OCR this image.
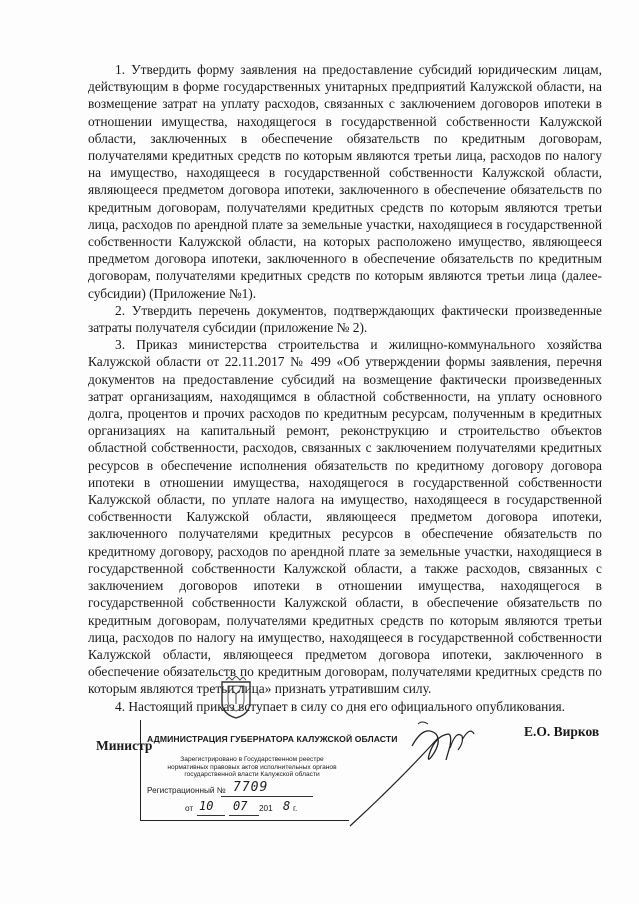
1. Утвердить форму заявления на предоставление субсидий юридическим лицам, действующим в форме государственных унитарных предприятий Калужской области, на возмещение затрат на уплату расходов, связанных с заключением договоров ипотеки в отношении имущества, находящегося в государственной собственности Калужской области, заключенных в обеспечение обязательств по кредитным договорам, получателями кредитных средств по которым являются третьи лица, расходов по налогу на имущество, находящееся в государственной собственности Калужской области, являющееся предметом договора ипотеки, заключенного в обеспечение обязательств по кредитным договорам, получателями кредитных средств по которым являются третьи лица, расходов по арендной плате за земельные участки, находящиеся в государственной собственности Калужской области, на которых расположено имущество, являющееся предметом договора ипотеки, заключенного в обеспечение обязательств по кредитным договорам, получателями кредитных средств по которым являются третьи лица (далее-субсидии) (Приложение №1).

2. Утвердить перечень документов, подтверждающих фактически произведенные затраты получателя субсидии (приложение № 2).

3. Приказ министерства строительства и жилищно-коммунального хозяйства Калужской области от 22.11.2017 № 499 «Об утверждении формы заявления, перечня документов на предоставление субсидий на возмещение фактически произведенных затрат организациям, находящимся в областной собственности, на уплату основного долга, процентов и прочих расходов по кредитным ресурсам, полученным в кредитных организациях на капитальный ремонт, реконструкцию и строительство объектов областной собственности, расходов, связанных с заключением получателями кредитных ресурсов в обеспечение исполнения обязательств по кредитному договору договора ипотеки в отношении имущества, находящегося в государственной собственности Калужской области, по уплате налога на имущество, находящееся в государственной собственности Калужской области, являющееся предметом договора ипотеки, заключенного получателями кредитных ресурсов в обеспечение обязательств по кредитному договору, расходов по арендной плате за земельные участки, находящиеся в государственной собственности Калужской области, а также расходов, связанных с заключением договоров ипотеки в отношении имущества, находящегося в государственной собственности Калужской области, в обеспечение обязательств по кредитным договорам, получателями кредитных средств по которым являются третьи лица, расходов по налогу на имущество, находящееся в государственной собственности Калужской области, являющееся предметом договора ипотеки, заключенного в обеспечение обязательств по кредитным договорам, получателями кредитных средств по которым являются третьи лица» признать утратившим силу.

4. Настоящий приказ вступает в силу со дня его официального опубликования.

Министр
АДМИНИСТРАЦИЯ ГУБЕРНАТОРА КАЛУЖСКОЙ ОБЛАСТИ
Зарегистрировано в Государственном реестре нормативных правовых актов исполнительных органов государственной власти Калужской области
Регистрационный № 7709
от 10 07 201 8 г.
Е.О. Вирков
